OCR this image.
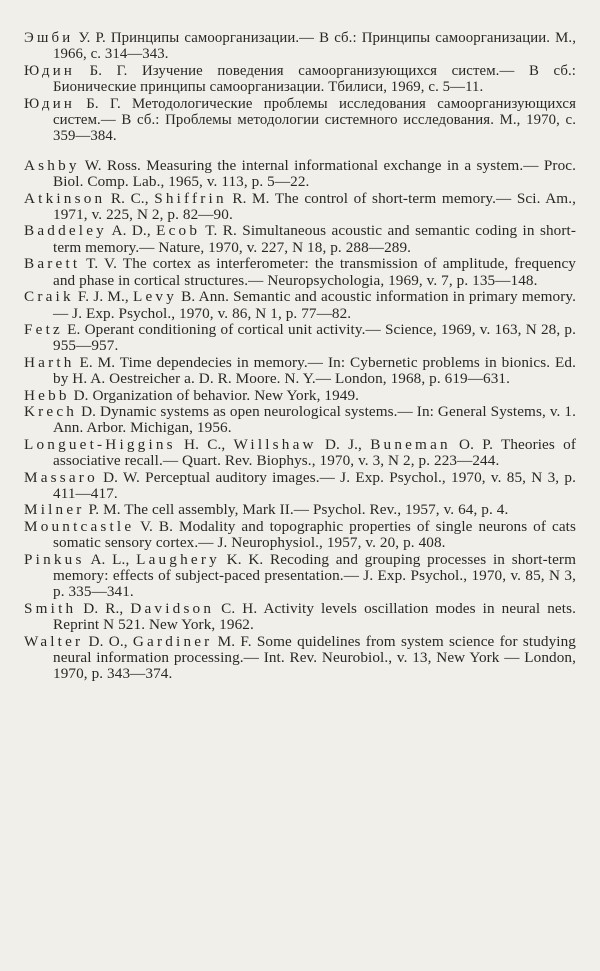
Эшби У. Р. Принципы самоорганизации.— В сб.: Принципы самоорганизации. М., 1966, с. 314—343.

Юдин Б. Г. Изучение поведения самоорганизующихся систем.— В сб.: Бионические принципы самоорганизации. Тбилиси, 1969, с. 5—11.

Юдин Б. Г. Методологические проблемы исследования самоорганизующихся систем.— В сб.: Проблемы методологии системного исследования. М., 1970, с. 359—384.

Ashby W. Ross. Measuring the internal informational exchange in a system.— Proc. Biol. Comp. Lab., 1965, v. 113, p. 5—22.

Atkinson R. C., Shiffrin R. M. The control of short-term memory.— Sci. Am., 1971, v. 225, N 2, p. 82—90.

Baddeley A. D., Ecob T. R. Simultaneous acoustic and semantic coding in short-term memory.— Nature, 1970, v. 227, N 18, p. 288—289.

Barett T. V. The cortex as interferometer: the transmission of amplitude, frequency and phase in cortical structures.— Neuropsychologia, 1969, v. 7, p. 135—148.

Craik F. J. M., Levy B. Ann. Semantic and acoustic information in primary memory.— J. Exp. Psychol., 1970, v. 86, N 1, p. 77—82.

Fetz E. Operant conditioning of cortical unit activity.— Science, 1969, v. 163, N 28, p. 955—957.

Harth E. M. Time dependecies in memory.— In: Cybernetic problems in bionics. Ed. by H. A. Oestreicher a. D. R. Moore. N. Y.— London, 1968, p. 619—631.

Hebb D. Organization of behavior. New York, 1949.

Krech D. Dynamic systems as open neurological systems.— In: General Systems, v. 1. Ann. Arbor. Michigan, 1956.

Longuet-Higgins H. C., Willshaw D. J., Buneman O. P. Theories of associative recall.— Quart. Rev. Biophys., 1970, v. 3, N 2, p. 223—244.

Massaro D. W. Perceptual auditory images.— J. Exp. Psychol., 1970, v. 85, N 3, p. 411—417.

Milner P. M. The cell assembly, Mark II.— Psychol. Rev., 1957, v. 64, p. 4.

Mountcastle V. B. Modality and topographic properties of single neurons of cats somatic sensory cortex.— J. Neurophysiol., 1957, v. 20, p. 408.

Pinkus A. L., Laughery K. K. Recoding and grouping processes in short-term memory: effects of subject-paced presentation.— J. Exp. Psychol., 1970, v. 85, N 3, p. 335—341.

Smith D. R., Davidson C. H. Activity levels oscillation modes in neural nets. Reprint N 521. New York, 1962.

Walter D. O., Gardiner M. F. Some quidelines from system science for studying neural information processing.— Int. Rev. Neurobiol., v. 13, New York — London, 1970, p. 343—374.
